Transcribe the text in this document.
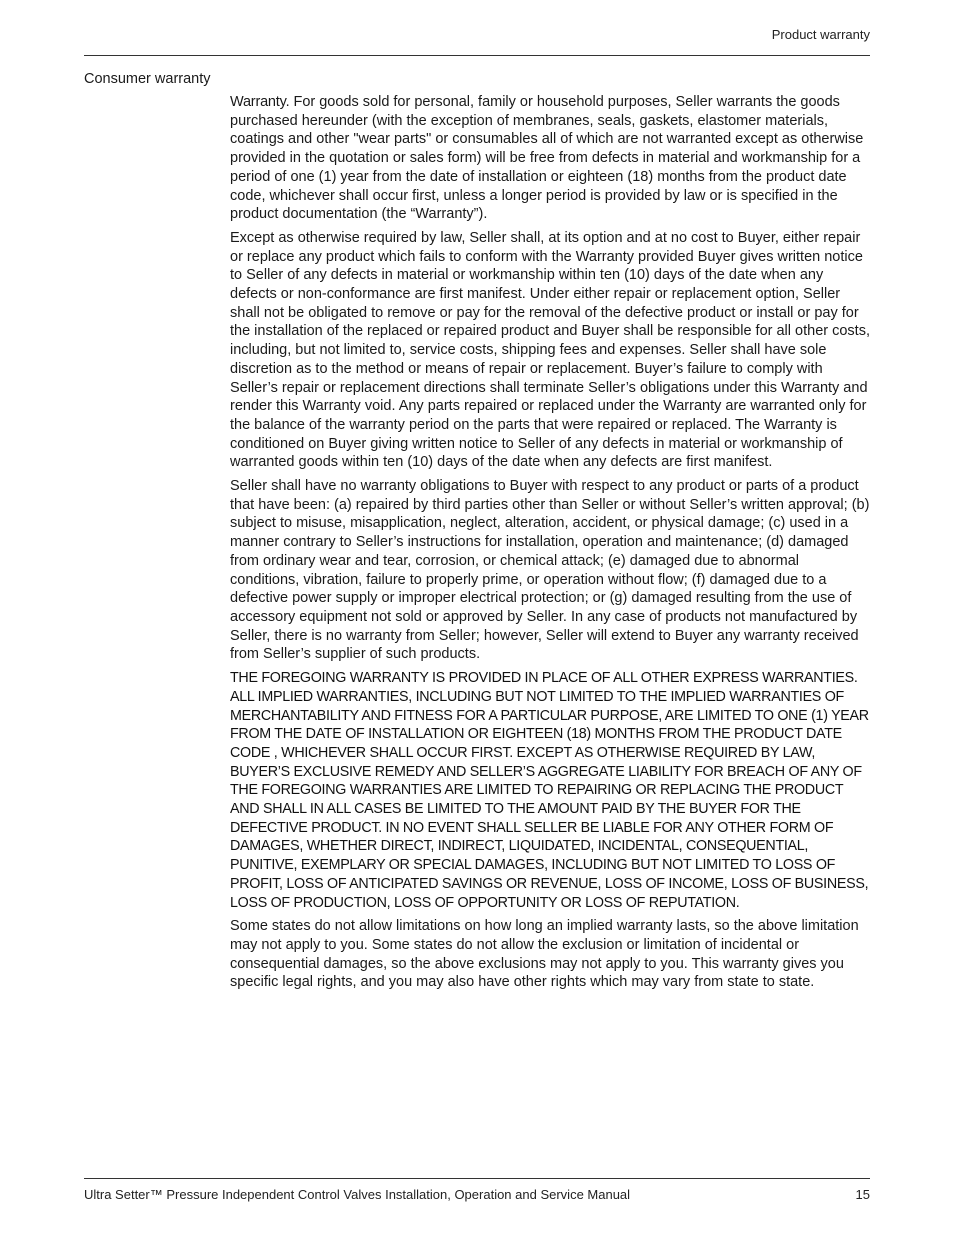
Product warranty
Consumer warranty

Warranty. For goods sold for personal, family or household purposes, Seller warrants the goods purchased hereunder (with the exception of membranes, seals, gaskets, elastomer materials, coatings and other "wear parts" or consumables all of which are not warranted except as otherwise provided in the quotation or sales form) will be free from defects in material and workmanship for a period of one (1) year from the date of installation or eighteen (18) months from the product date code, whichever shall occur first, unless a longer period is provided by law or is specified in the product documentation (the “Warranty”).

Except as otherwise required by law, Seller shall, at its option and at no cost to Buyer, either repair or replace any product which fails to conform with the Warranty provided Buyer gives written notice to Seller of any defects in material or workmanship within ten (10) days of the date when any defects or non-conformance are first manifest. Under either repair or replacement option, Seller shall not be obligated to remove or pay for the removal of the defective product or install or pay for the installation of the replaced or repaired product and Buyer shall be responsible for all other costs, including, but not limited to, service costs, shipping fees and expenses. Seller shall have sole discretion as to the method or means of repair or replacement. Buyer’s failure to comply with Seller’s repair or replacement directions shall terminate Seller’s obligations under this Warranty and render this Warranty void. Any parts repaired or replaced under the Warranty are warranted only for the balance of the warranty period on the parts that were repaired or replaced. The Warranty is conditioned on Buyer giving written notice to Seller of any defects in material or workmanship of warranted goods within ten (10) days of the date when any defects are first manifest.

Seller shall have no warranty obligations to Buyer with respect to any product or parts of a product that have been: (a) repaired by third parties other than Seller or without Seller’s written approval; (b) subject to misuse, misapplication, neglect, alteration, accident, or physical damage; (c) used in a manner contrary to Seller’s instructions for installation, operation and maintenance; (d) damaged from ordinary wear and tear, corrosion, or chemical attack; (e) damaged due to abnormal conditions, vibration, failure to properly prime, or operation without flow; (f) damaged due to a defective power supply or improper electrical protection; or (g) damaged resulting from the use of accessory equipment not sold or approved by Seller. In any case of products not manufactured by Seller, there is no warranty from Seller; however, Seller will extend to Buyer any warranty received from Seller’s supplier of such products.

THE FOREGOING WARRANTY IS PROVIDED IN PLACE OF ALL OTHER EXPRESS WARRANTIES. ALL IMPLIED WARRANTIES, INCLUDING BUT NOT LIMITED TO THE IMPLIED WARRANTIES OF MERCHANTABILITY AND FITNESS FOR A PARTICULAR PURPOSE, ARE LIMITED TO ONE (1) YEAR FROM THE DATE OF INSTALLATION OR EIGHTEEN (18) MONTHS FROM THE PRODUCT DATE CODE , WHICHEVER SHALL OCCUR FIRST. EXCEPT AS OTHERWISE REQUIRED BY LAW, BUYER’S EXCLUSIVE REMEDY AND SELLER’S AGGREGATE LIABILITY FOR BREACH OF ANY OF THE FOREGOING WARRANTIES ARE LIMITED TO REPAIRING OR REPLACING THE PRODUCT AND SHALL IN ALL CASES BE LIMITED TO THE AMOUNT PAID BY THE BUYER FOR THE DEFECTIVE PRODUCT. IN NO EVENT SHALL SELLER BE LIABLE FOR ANY OTHER FORM OF DAMAGES, WHETHER DIRECT, INDIRECT, LIQUIDATED, INCIDENTAL, CONSEQUENTIAL, PUNITIVE, EXEMPLARY OR SPECIAL DAMAGES, INCLUDING BUT NOT LIMITED TO LOSS OF PROFIT, LOSS OF ANTICIPATED SAVINGS OR REVENUE, LOSS OF INCOME, LOSS OF BUSINESS, LOSS OF PRODUCTION, LOSS OF OPPORTUNITY OR LOSS OF REPUTATION.

Some states do not allow limitations on how long an implied warranty lasts, so the above limitation may not apply to you. Some states do not allow the exclusion or limitation of incidental or consequential damages, so the above exclusions may not apply to you. This warranty gives you specific legal rights, and you may also have other rights which may vary from state to state.

Ultra Setter™ Pressure Independent Control Valves Installation, Operation and Service Manual	15
